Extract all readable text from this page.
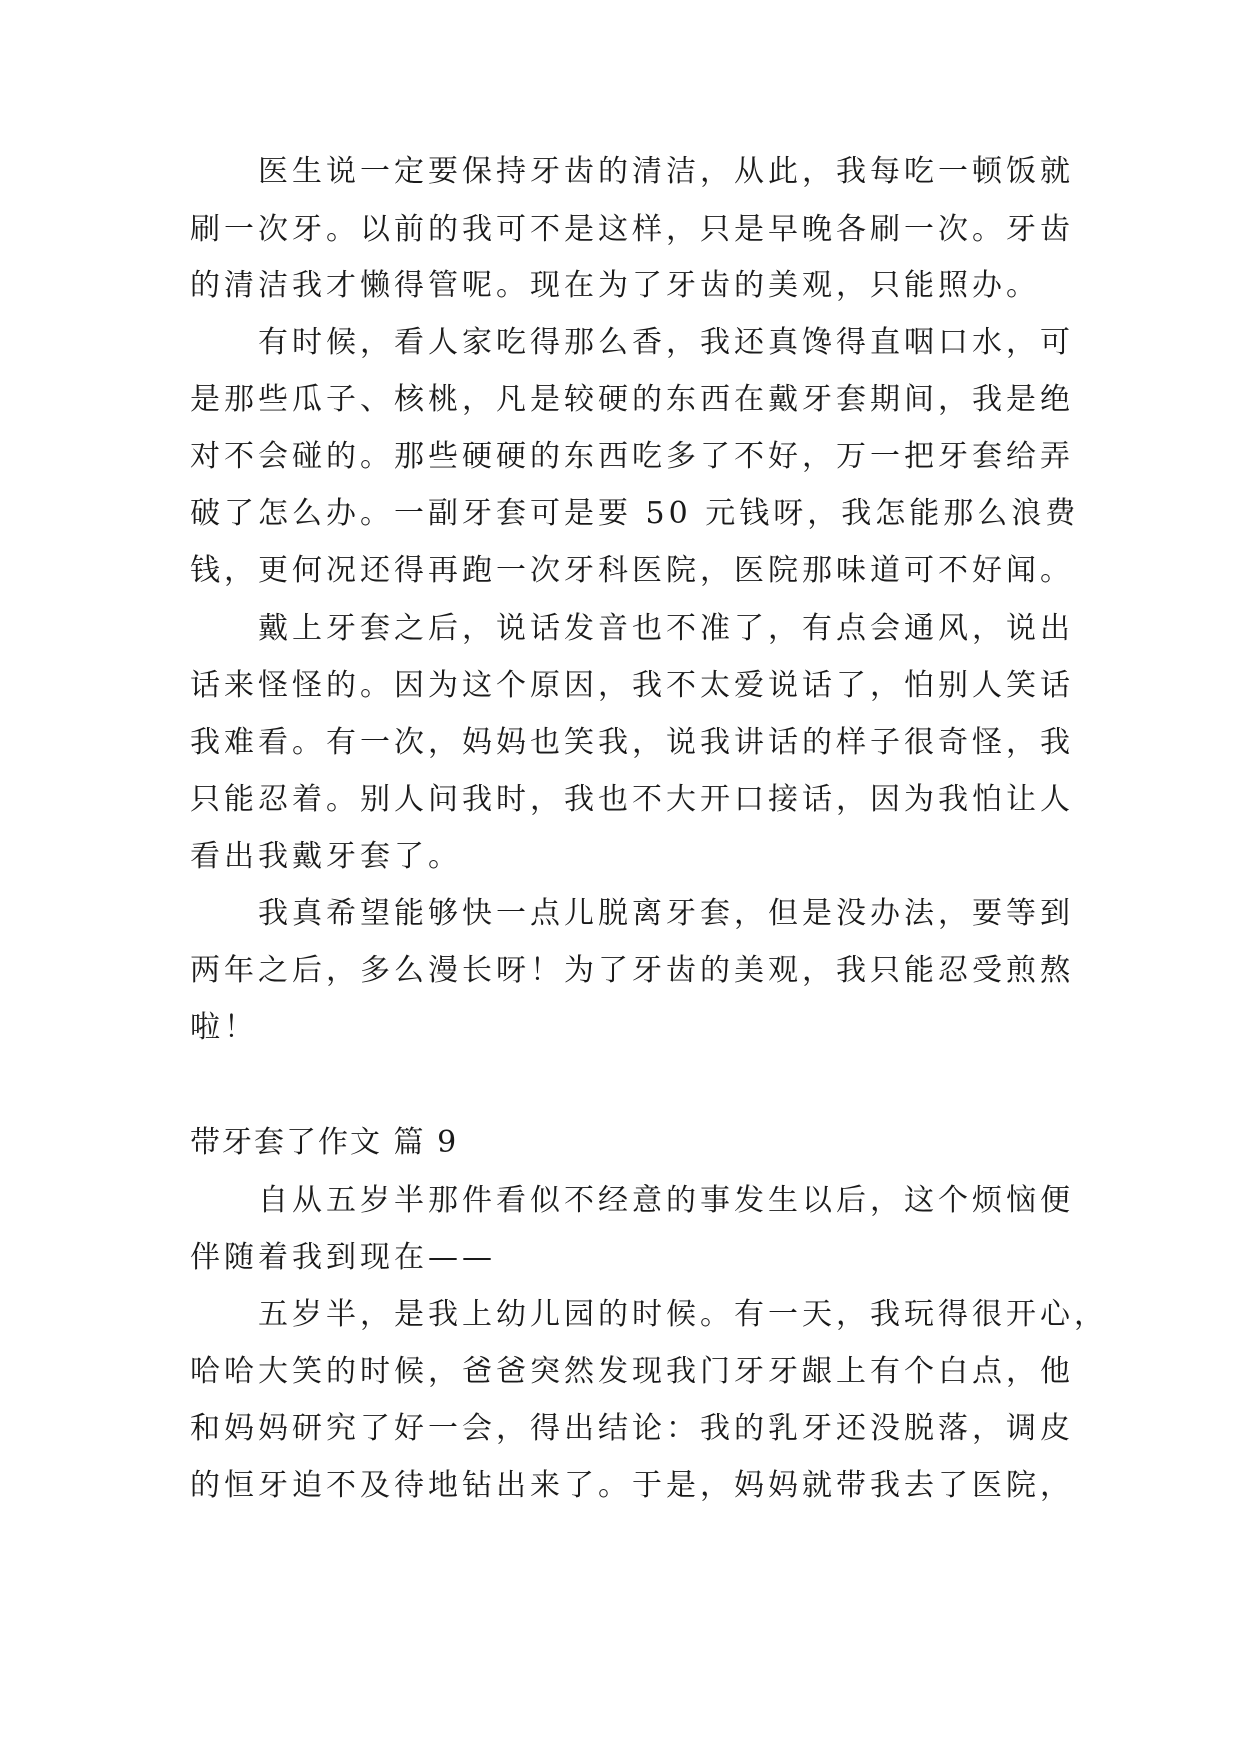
医生说一定要保持牙齿的清洁，从此，我每吃一顿饭就
刷一次牙。以前的我可不是这样，只是早晚各刷一次。牙齿
的清洁我才懒得管呢。现在为了牙齿的美观，只能照办。
有时候，看人家吃得那么香，我还真馋得直咽口水，可
是那些瓜子、核桃，凡是较硬的东西在戴牙套期间，我是绝
对不会碰的。那些硬硬的东西吃多了不好，万一把牙套给弄
破了怎么办。一副牙套可是要 50 元钱呀，我怎能那么浪费
钱，更何况还得再跑一次牙科医院，医院那味道可不好闻。
戴上牙套之后，说话发音也不准了，有点会通风，说出
话来怪怪的。因为这个原因，我不太爱说话了，怕别人笑话
我难看。有一次，妈妈也笑我，说我讲话的样子很奇怪，我
只能忍着。别人问我时，我也不大开口接话，因为我怕让人
看出我戴牙套了。
我真希望能够快一点儿脱离牙套，但是没办法，要等到
两年之后，多么漫长呀！为了牙齿的美观，我只能忍受煎熬
啦！
带牙套了作文 篇 9
自从五岁半那件看似不经意的事发生以后，这个烦恼便
伴随着我到现在——
五岁半，是我上幼儿园的时候。有一天，我玩得很开心，
哈哈大笑的时候，爸爸突然发现我门牙牙龈上有个白点，他
和妈妈研究了好一会，得出结论：我的乳牙还没脱落，调皮
的恒牙迫不及待地钻出来了。于是，妈妈就带我去了医院，
